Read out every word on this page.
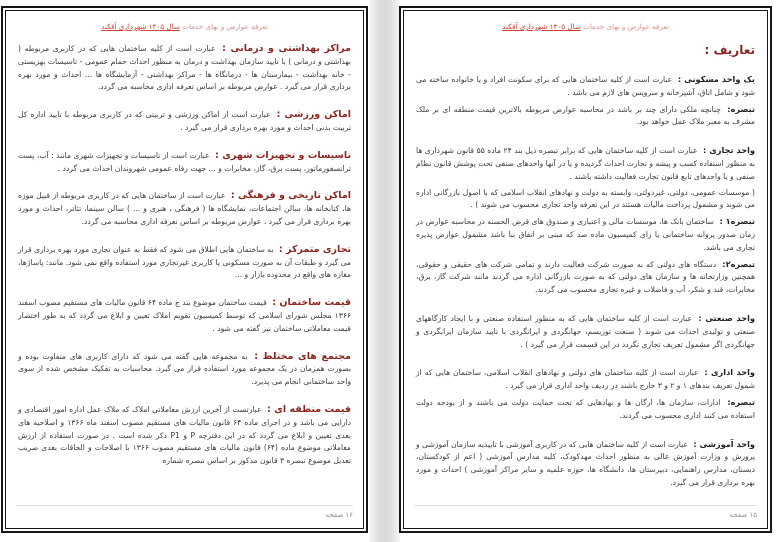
تعرفه عوارض و بهای خدمات سال ۱۴۰۵ شهرداری آقکند

مراکز بهداشتی و درمانی : عبارت است از کلیه ساختمان هایی که در کاربری مربوطه ( بهداشتی و درمانی ) با تایید سازمان بهداشت و درمان به منظور احداث حمام عمومی - تاسیسات بهزیستی - خانه بهداشت - بیمارستان ها - درمانگاه ها - مراکز بهداشتی - آزمایشگاه ها ... احداث و مورد بهره برداری قرار می گیرد . عوارض مربوطه بر اساس تعرفه اداری محاسبه می گردد.

اماکن ورزشی : عبارت است از اماکن ورزشی و تربیتی که در کاربری مربوطه با تایید اداره کل تربیت بدنی احداث و مورد بهره برداری قرار می گیرد .

تاسیسات و تجهیزات شهری : عبارت است از تاسیسات و تجهیزات شهری مانند : آب، پست ترانسفورماتور، پست برق، گاز، مخابرات و ... جهت رفاه عمومی شهروندان احداث می گردد .

اماکن تاریخی و فرهنگی : عبارت است از ساختمان هایی که در کاربری مربوطه از قبیل موزه ها، کتابخانه ها، سالن اجتماعات، نمایشگاه ها ( فرهنگی ، هنری و ... ) سالن سینما، تئاتر، احداث و مورد بهره برداری قرار می گیرد ، عوارض مربوطه بر اساس تعرفه اداری محاسبه می گردد.

تجاری متمرکز : به ساختمان هایی اطلاق می شود که فقط به عنوان تجاری مورد بهره برداری قرار می گیرد و طبقات آن به صورت مسکونی یا کاربری غیرتجاری مورد استفاده واقع نمی شود. مانند: پاساژها، مغازه های واقع در محدوده بازار و ...

قیمت ساختمان : قیمت ساختمان موضوع بند ج ماده ۶۴ قانون مالیات های مستقیم مصوب اسفند ۱۳۶۶ مجلس شورای اسلامی که توسط کمیسیون تقویم املاک تعیین و ابلاغ می گردد که به طور اختصار قیمت معاملاتی ساختمان نیز گفته می شود .

مجتمع های مختلط : به مجموعه هایی گفته می شود که دارای کاربری های متفاوت بوده و بصورت همزمان در یک مجموعه مورد استفاده قرار می گیرد. محاسبات به تفکیک مشخص شده از سوی واحد ساختمانی انجام می پذیرد.

قیمت منطقه ای : عبارتست از آخرین ارزش معاملاتی املاک که ملاک عمل اداره امور اقتصادی و دارایی می باشد و در اجرای ماده ۶۴ قانون مالیات های مستقیم مصوب اسفند ماه ۱۳۶۶ و اصلاحیه های بعدی تعیین و ابلاغ می گردد که در این دفترچه P و P1 ذکر شده است . در صورت استفاده از ارزش معاملاتی موضوع ماده (۶۴) قانون مالیات های مستقیم مصوب ۱۳۶۶ با اصلاحات و الحاقات بعدی ضریب تعدیل موضوع تبصره ۳ قانون مذکور بر اساس تبصره شماره

۱۶ صفحه
تعرفه عوارض و بهای خدمات سال ۱۴۰۵ شهرداری آقکند
تعاریف :

یک واحد مسکونی : عبارت است از کلیه ساختمان هایی که برای سکونت افراد و یا خانواده ساخته می شود و شامل اتاق، آشپزخانه و سرویس های لازم می باشد .

تبصره: چنانچه ملکی دارای چند بر باشد در محاسبه عوارض مربوطه بالاترین قیمت منطقه ای بر ملک مشرف به معبر ملاک عمل خواهد بود.

واحد تجاری : عبارت است از کلیه ساختمان هایی که برابر تبصره ذیل بند ۲۴ ماده ۵۵ قانون شهرداری ها به منظور استفاده کسب و پیشه و تجارت احداث گردیده و یا در آنها واحدهای صنفی تحت پوشش قانون نظام صنفی و یا واحدهای تابع قانون تجارت فعالیت داشته باشند .

( موسسات عمومی، دولتی، غیردولتی، وابسته به دولت و نهادهای انقلاب اسلامی که با اصول بازرگانی اداره می شوند و مشمول پرداخت مالیات هستند در این تعرفه واحد تجاری محسوب می شوند ) .

تبصره۱ : ساختمان بانک ها، موسسات مالی و اعتباری و صندوق های قرض الحسنه در محاسبه عوارض در زمان صدور پروانه ساختمانی یا رای کمیسیون ماده صد که مبنی بر اتفاق بنا باشد مشمول عوارض پذیره تجاری می باشد.

تبصره۲: دستگاه های دولتی که به صورت شرکت فعالیت دارند و تمامی شرکت های حقیقی و حقوقی، همچنین وزارتخانه ها و سازمان های دولتی که به صورت بازرگانی اداره می گردند مانند شرکت گاز، برق، مخابرات، قند و شکر، آب و فاضلاب و غیره تجاری محسوب می گردند.

واحد صنعتی : عبارت است از کلیه ساختمان هایی که به منظور استفاده صنعتی و با ایجاد کارگاههای صنعتی و تولیدی احداث می شوند ( صنعت توریسم، جهانگردی و ایرانگردی با تایید سازمان ایرانگردی و جهانگردی اگر مشمول تعریف تجاری نگردد در این قسمت قرار می گیرد ) .

واحد اداری : عبارت است از کلیه ساختمان های دولتی و نهادهای انقلاب اسلامی، ساختمان هایی که از شمول تعریف بندهای ۱ و ۲ و ۳ خارج باشند در ردیف واحد اداری قرار می گیرد .

تبصره: ادارات، سازمان ها، ارگان ها و نهادهایی که تحت حمایت دولت می باشند و از بودجه دولت استفاده می کنند اداری محسوب می گردند.

واحد آموزشی : عبارت است از کلیه ساختمان هایی که در کاربری آموزشی با تاییدیه سازمان آموزشی و پرورش و وزارت آموزش عالی به منظور احداث مهدکودک، کلیه مدارس آموزشی ( اعم از کودکستان، دبستان، مدارس راهنمایی، دبیرستان ها، دانشگاه ها، حوزه علمیه و سایر مراکز آموزشی ) احداث و مورد بهره برداری قرار می گیرد.

۱۵ صفحه
